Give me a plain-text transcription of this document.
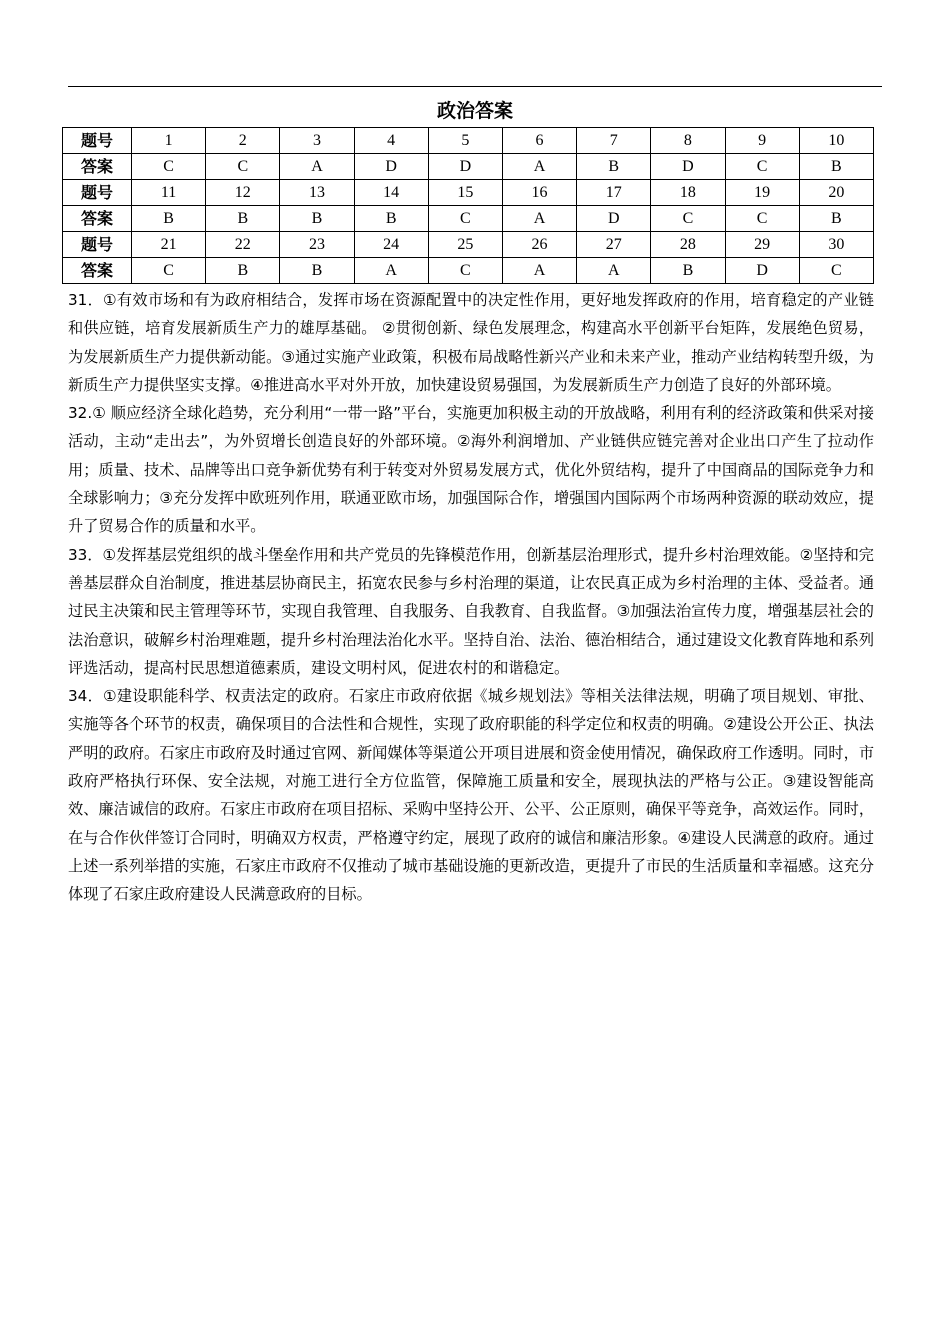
政治答案
题号	1	2	3	4	5	6	7	8	9	10
答案	C	C	A	D	D	A	B	D	C	B
题号	11	12	13	14	15	16	17	18	19	20
答案	B	B	B	B	C	A	D	C	C	B
题号	21	22	23	24	25	26	27	28	29	30
答案	C	B	B	A	C	A	A	B	D	C

31．①有效市场和有为政府相结合，发挥市场在资源配置中的决定性作用，更好地发挥政府的作用，培育稳定的产业链和供应链，培育发展新质生产力的雄厚基础。 ②贯彻创新、绿色发展理念，构建高水平创新平台矩阵，发展绝色贸易，为发展新质生产力提供新动能。③通过实施产业政策，积极布局战略性新兴产业和未来产业，推动产业结构转型升级，为新质生产力提供坚实支撑。④推进高水平对外开放，加快建设贸易强国，为发展新质生产力创造了良好的外部环境。

32.① 顺应经济全球化趋势，充分利用“一带一路”平台，实施更加积极主动的开放战略，利用有利的经济政策和供采对接活动，主动“走出去”，为外贸增长创造良好的外部环境。②海外利润增加、产业链供应链完善对企业出口产生了拉动作用；质量、技术、品牌等出口竞争新优势有利于转变对外贸易发展方式，优化外贸结构，提升了中国商品的国际竞争力和全球影响力；③充分发挥中欧班列作用，联通亚欧市场，加强国际合作，增强国内国际两个市场两种资源的联动效应，提升了贸易合作的质量和水平。

33．①发挥基层党组织的战斗堡垒作用和共产党员的先锋模范作用，创新基层治理形式，提升乡村治理效能。②坚持和完善基层群众自治制度，推进基层协商民主，拓宽农民参与乡村治理的渠道，让农民真正成为乡村治理的主体、受益者。通过民主决策和民主管理等环节，实现自我管理、自我服务、自我教育、自我监督。③加强法治宣传力度，增强基层社会的法治意识，破解乡村治理难题，提升乡村治理法治化水平。坚持自治、法治、德治相结合，通过建设文化教育阵地和系列评选活动，提高村民思想道德素质，建设文明村风，促进农村的和谐稳定。

34．①建设职能科学、权责法定的政府。石家庄市政府依据《城乡规划法》等相关法律法规，明确了项目规划、审批、实施等各个环节的权责，确保项目的合法性和合规性，实现了政府职能的科学定位和权责的明确。②建设公开公正、执法严明的政府。石家庄市政府及时通过官网、新闻媒体等渠道公开项目进展和资金使用情况，确保政府工作透明。同时，市政府严格执行环保、安全法规，对施工进行全方位监管，保障施工质量和安全，展现执法的严格与公正。③建设智能高效、廉洁诚信的政府。石家庄市政府在项目招标、采购中坚持公开、公平、公正原则，确保平等竞争，高效运作。同时，在与合作伙伴签订合同时，明确双方权责，严格遵守约定，展现了政府的诚信和廉洁形象。④建设人民满意的政府。通过上述一系列举措的实施，石家庄市政府不仅推动了城市基础设施的更新改造，更提升了市民的生活质量和幸福感。这充分体现了石家庄政府建设人民满意政府的目标。
